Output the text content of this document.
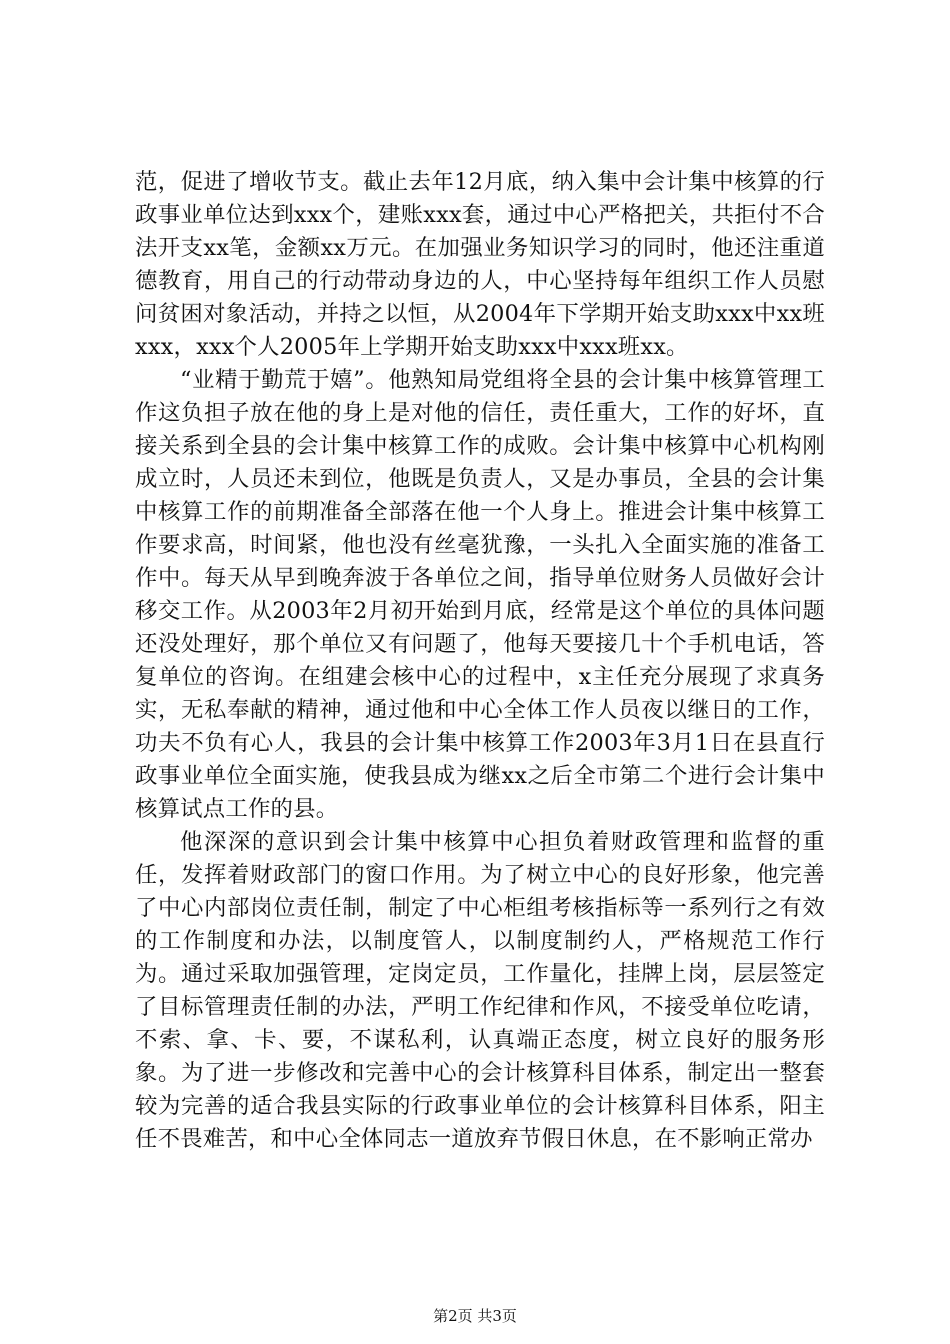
范，促进了增收节支。截止去年12月底，纳入集中会计集中核算的行政事业单位达到xxx个，建账xxx套，通过中心严格把关，共拒付不合法开支xx笔，金额xx万元。在加强业务知识学习的同时，他还注重道德教育，用自己的行动带动身边的人，中心坚持每年组织工作人员慰问贫困对象活动，并持之以恒，从2004年下学期开始支助xxx中xx班xxx，xxx个人2005年上学期开始支助xxx中xxx班xx。

“业精于勤荒于嬉”。他熟知局党组将全县的会计集中核算管理工作这负担子放在他的身上是对他的信任，责任重大，工作的好坏，直接关系到全县的会计集中核算工作的成败。会计集中核算中心机构刚成立时，人员还未到位，他既是负责人，又是办事员，全县的会计集中核算工作的前期准备全部落在他一个人身上。推进会计集中核算工作要求高，时间紧，他也没有丝毫犹豫，一头扎入全面实施的准备工作中。每天从早到晚奔波于各单位之间，指导单位财务人员做好会计移交工作。从2003年2月初开始到月底，经常是这个单位的具体问题还没处理好，那个单位又有问题了，他每天要接几十个手机电话，答复单位的咨询。在组建会核中心的过程中，x主任充分展现了求真务实，无私奉献的精神，通过他和中心全体工作人员夜以继日的工作，功夫不负有心人，我县的会计集中核算工作2003年3月1日在县直行政事业单位全面实施，使我县成为继xx之后全市第二个进行会计集中核算试点工作的县。

他深深的意识到会计集中核算中心担负着财政管理和监督的重任，发挥着财政部门的窗口作用。为了树立中心的良好形象，他完善了中心内部岗位责任制，制定了中心柜组考核指标等一系列行之有效的工作制度和办法，以制度管人，以制度制约人，严格规范工作行为。通过采取加强管理，定岗定员，工作量化，挂牌上岗，层层签定了目标管理责任制的办法，严明工作纪律和作风，不接受单位吃请，不索、拿、卡、要，不谋私利，认真端正态度，树立良好的服务形象。为了进一步修改和完善中心的会计核算科目体系，制定出一整套较为完善的适合我县实际的行政事业单位的会计核算科目体系，阳主任不畏难苦，和中心全体同志一道放弃节假日休息，在不影响正常办

第2页 共3页
